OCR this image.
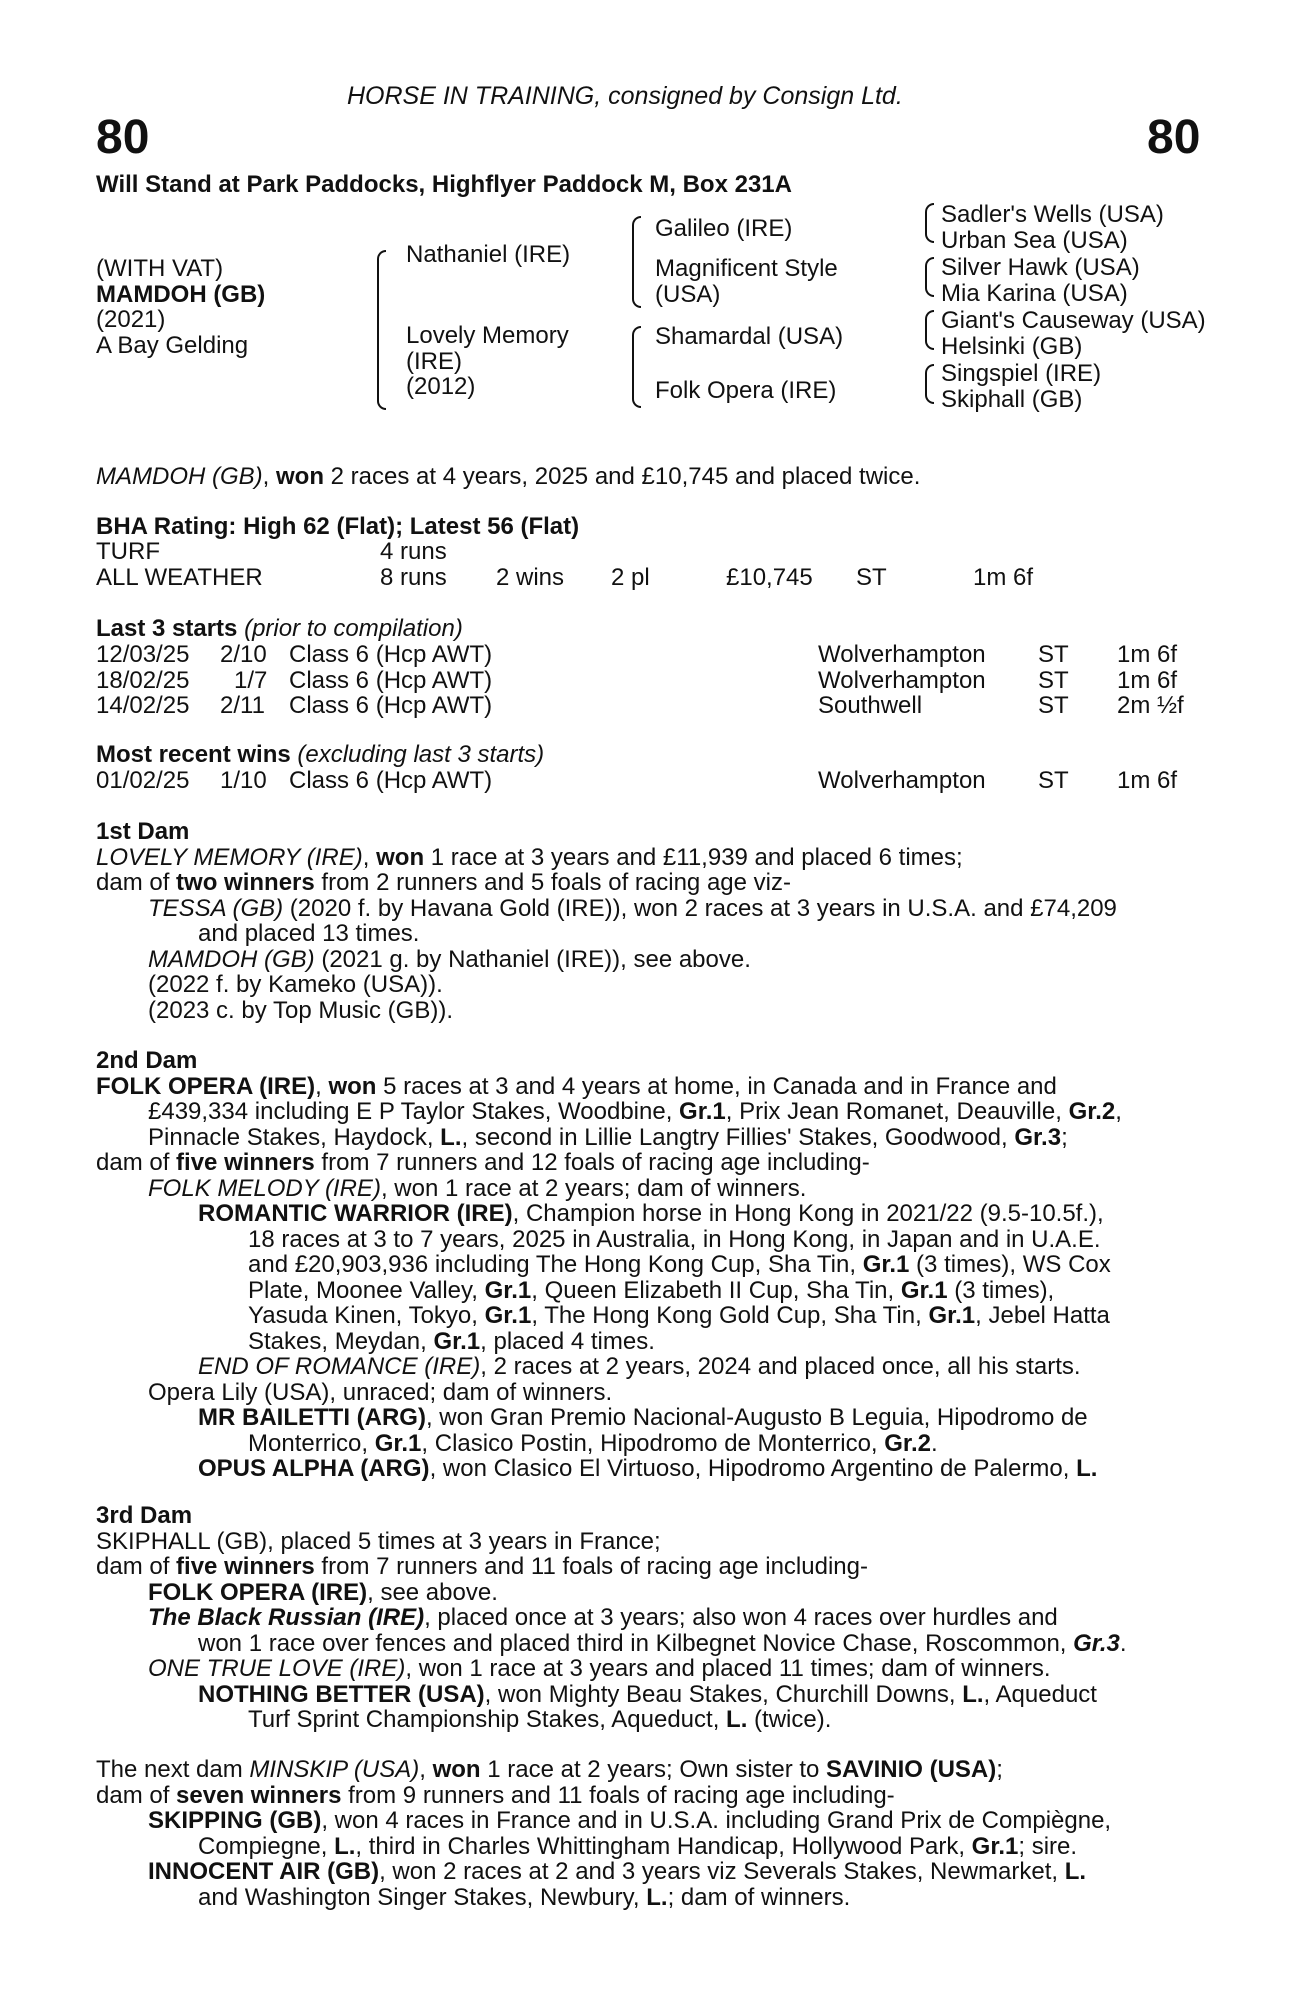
HORSE IN TRAINING, consigned by Consign Ltd.
80	80
Will Stand at Park Paddocks, Highflyer Paddock M, Box 231A
(WITH VAT)
MAMDOH (GB)
(2021)
A Bay Gelding
Nathaniel (IRE)
Lovely Memory
(IRE)
(2012)
Galileo (IRE)
Magnificent Style
(USA)
Shamardal (USA)
Folk Opera (IRE)
Sadler's Wells (USA)
Urban Sea (USA)
Silver Hawk (USA)
Mia Karina (USA)
Giant's Causeway (USA)
Helsinki (GB)
Singspiel (IRE)
Skiphall (GB)
MAMDOH (GB), won 2 races at 4 years, 2025 and £10,745 and placed twice.
BHA Rating: High 62 (Flat); Latest 56 (Flat)
TURF	4 runs
ALL WEATHER	8 runs 2 wins 2 pl	£10,745 ST	1m 6f
Last 3 starts (prior to compilation)
12/03/25 2/10 Class 6 (Hcp AWT)	Wolverhampton ST 1m 6f
18/02/25 1/7 Class 6 (Hcp AWT)	Wolverhampton ST 1m 6f
14/02/25 2/11 Class 6 (Hcp AWT)	Southwell	ST 2m ½f
Most recent wins (excluding last 3 starts)
01/02/25 1/10 Class 6 (Hcp AWT)	Wolverhampton ST 1m 6f
1st Dam
LOVELY MEMORY (IRE), won 1 race at 3 years and £11,939 and placed 6 times;
dam of two winners from 2 runners and 5 foals of racing age viz-
TESSA (GB) (2020 f. by Havana Gold (IRE)), won 2 races at 3 years in U.S.A. and £74,209
and placed 13 times.
MAMDOH (GB) (2021 g. by Nathaniel (IRE)), see above.
(2022 f. by Kameko (USA)).
(2023 c. by Top Music (GB)).
2nd Dam
FOLK OPERA (IRE), won 5 races at 3 and 4 years at home, in Canada and in France and
£439,334 including E P Taylor Stakes, Woodbine, Gr.1, Prix Jean Romanet, Deauville, Gr.2,
Pinnacle Stakes, Haydock, L., second in Lillie Langtry Fillies' Stakes, Goodwood, Gr.3;
dam of five winners from 7 runners and 12 foals of racing age including-
FOLK MELODY (IRE), won 1 race at 2 years; dam of winners.
ROMANTIC WARRIOR (IRE), Champion horse in Hong Kong in 2021/22 (9.5-10.5f.),
18 races at 3 to 7 years, 2025 in Australia, in Hong Kong, in Japan and in U.A.E.
and £20,903,936 including The Hong Kong Cup, Sha Tin, Gr.1 (3 times), WS Cox
Plate, Moonee Valley, Gr.1, Queen Elizabeth II Cup, Sha Tin, Gr.1 (3 times),
Yasuda Kinen, Tokyo, Gr.1, The Hong Kong Gold Cup, Sha Tin, Gr.1, Jebel Hatta
Stakes, Meydan, Gr.1, placed 4 times.
END OF ROMANCE (IRE), 2 races at 2 years, 2024 and placed once, all his starts.
Opera Lily (USA), unraced; dam of winners.
MR BAILETTI (ARG), won Gran Premio Nacional-Augusto B Leguia, Hipodromo de
Monterrico, Gr.1, Clasico Postin, Hipodromo de Monterrico, Gr.2.
OPUS ALPHA (ARG), won Clasico El Virtuoso, Hipodromo Argentino de Palermo, L.
3rd Dam
SKIPHALL (GB), placed 5 times at 3 years in France;
dam of five winners from 7 runners and 11 foals of racing age including-
FOLK OPERA (IRE), see above.
The Black Russian (IRE), placed once at 3 years; also won 4 races over hurdles and
won 1 race over fences and placed third in Kilbegnet Novice Chase, Roscommon, Gr.3.
ONE TRUE LOVE (IRE), won 1 race at 3 years and placed 11 times; dam of winners.
NOTHING BETTER (USA), won Mighty Beau Stakes, Churchill Downs, L., Aqueduct
Turf Sprint Championship Stakes, Aqueduct, L. (twice).
The next dam MINSKIP (USA), won 1 race at 2 years; Own sister to SAVINIO (USA);
dam of seven winners from 9 runners and 11 foals of racing age including-
SKIPPING (GB), won 4 races in France and in U.S.A. including Grand Prix de Compiègne,
Compiegne, L., third in Charles Whittingham Handicap, Hollywood Park, Gr.1; sire.
INNOCENT AIR (GB), won 2 races at 2 and 3 years viz Severals Stakes, Newmarket, L.
and Washington Singer Stakes, Newbury, L.; dam of winners.
